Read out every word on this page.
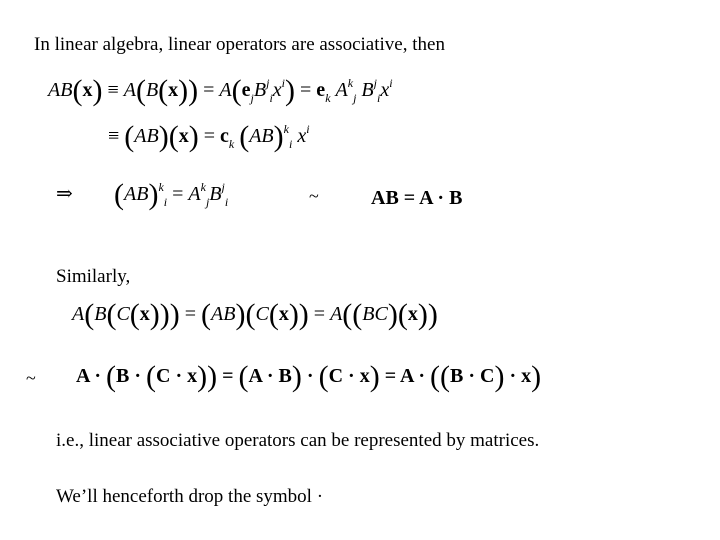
In linear algebra, linear operators are associative, then
$AB(x) \equiv A(B(x)) = A(e_jB^j_ix^i) = e_k$ $A^k_j$ $B^j_ix^i$
≡ $(AB)(x) = c_k$ (AB)$^k_i$ $x^i$
⇒ $(AB)^k_i = A^k_jB^j_i$	~	AB = A · B
Similarly,
A(B(C(x))) = (AB)(C(x)) = A((BC)(x))
~ A · (B · (C · x)) = (A · B) · (C · x) = A · ((B · C) · x)
i.e., linear associative operators can be represented by matrices.
We’ll henceforth drop the symbol ·
